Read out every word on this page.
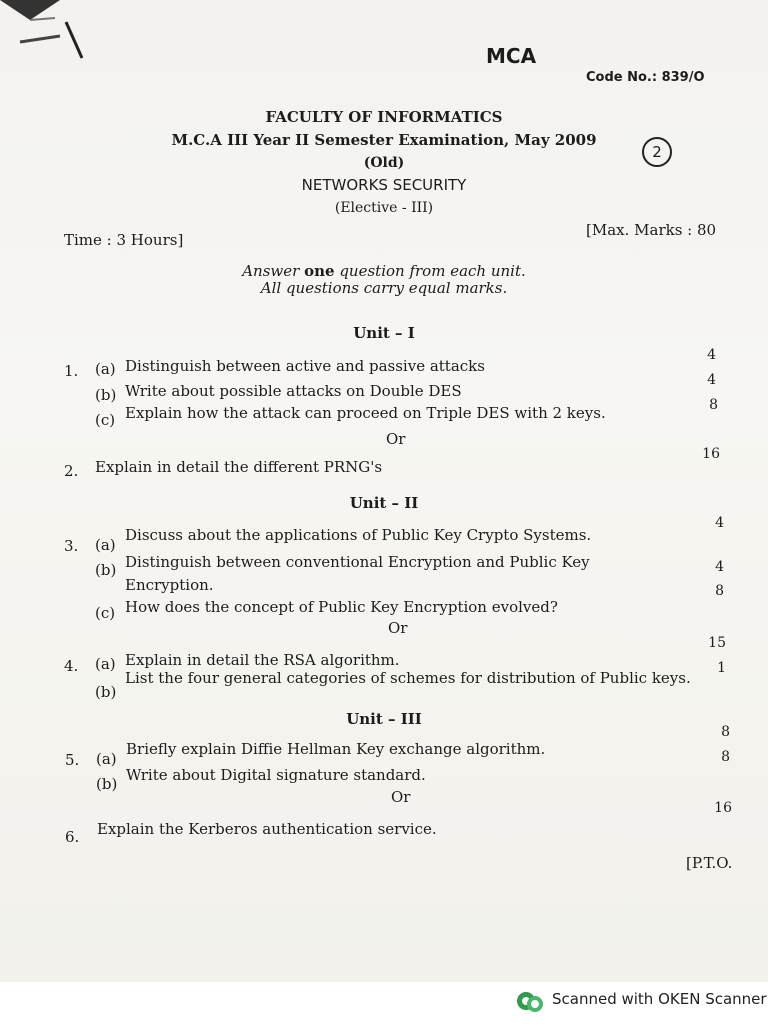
MCA
Code No.: 839/O
FACULTY OF INFORMATICS
M.C.A III Year II Semester Examination, May 2009
(Old)
2
NETWORKS SECURITY
(Elective - III)
Time : 3 Hours]
[Max. Marks : 80
Answer one question from each unit.
All questions carry equal marks.
Unit – I
1. (a) Distinguish between active and passive attacks
4
(b) Write about possible attacks on Double DES
4
(c) Explain how the attack can proceed on Triple DES with 2 keys.	8
Or
2. Explain in detail the different PRNG's
16
Unit – II
3. (a)
Discuss about the applications of Public Key Crypto Systems.
4
(b) Distinguish between conventional Encryption and Public Key
Encryption.
4
(c) How does the concept of Public Key Encryption evolved?
8
Or
4. (a) Explain in detail the RSA algorithm.
15
(b)
List the four general categories of schemes for distribution of Public keys.
1
Unit – III
5. (a)
Briefly explain Diffie Hellman Key exchange algorithm.
8
(b) Write about Digital signature standard.
8
Or
6. Explain the Kerberos authentication service.
16
[P.T.O.
Scanned with OKEN Scanner
